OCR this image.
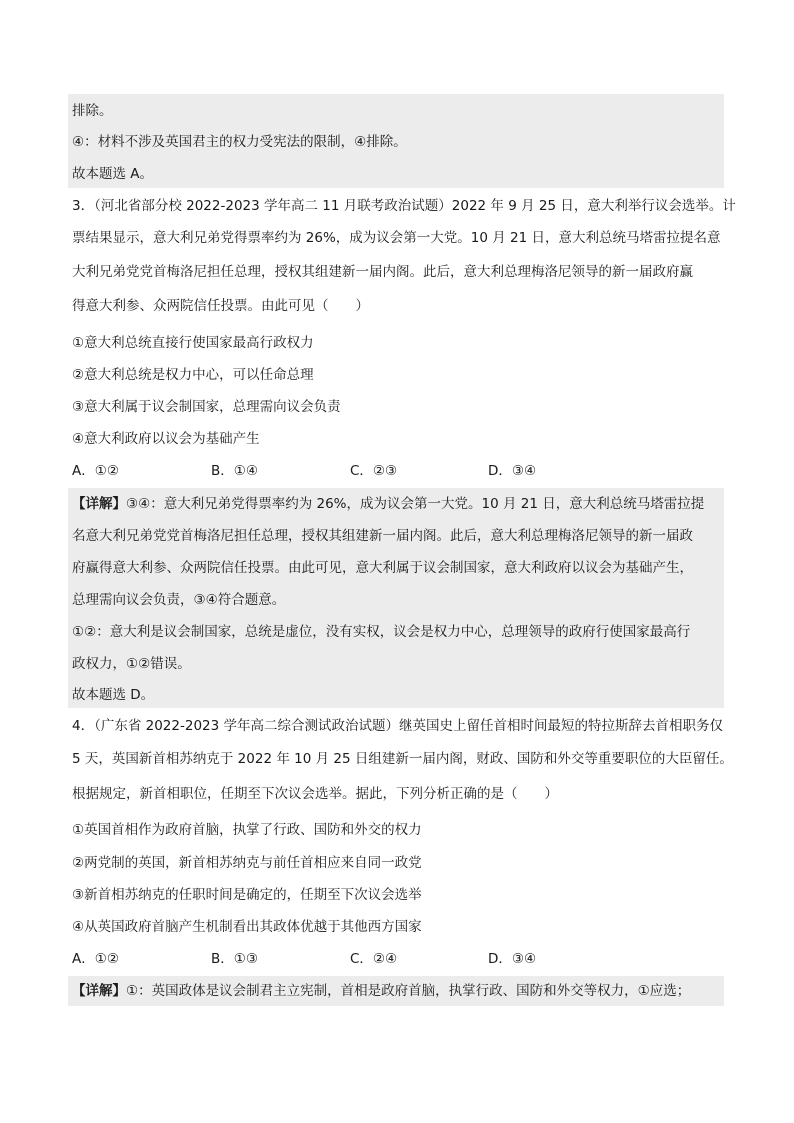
排除。
④：材料不涉及英国君主的权力受宪法的限制，④排除。
故本题选 A。
3．（河北省部分校 2022-2023 学年高二 11 月联考政治试题）2022 年 9 月 25 日，意大利举行议会选举。计
票结果显示，意大利兄弟党得票率约为 26%，成为议会第一大党。10 月 21 日，意大利总统马塔雷拉提名意
大利兄弟党党首梅洛尼担任总理，授权其组建新一届内阁。此后，意大利总理梅洛尼领导的新一届政府赢
得意大利参、众两院信任投票。由此可见（　　）
①意大利总统直接行使国家最高行政权力
②意大利总统是权力中心，可以任命总理
③意大利属于议会制国家，总理需向议会负责
④意大利政府以议会为基础产生
A．①②	B．①④	C．②③	D．③④
【详解】③④：意大利兄弟党得票率约为 26%，成为议会第一大党。10 月 21 日，意大利总统马塔雷拉提
名意大利兄弟党党首梅洛尼担任总理，授权其组建新一届内阁。此后，意大利总理梅洛尼领导的新一届政
府赢得意大利参、众两院信任投票。由此可见，意大利属于议会制国家，意大利政府以议会为基础产生，
总理需向议会负责，③④符合题意。
①②：意大利是议会制国家，总统是虚位，没有实权，议会是权力中心，总理领导的政府行使国家最高行
政权力，①②错误。
故本题选 D。
4．（广东省 2022-2023 学年高二综合测试政治试题）继英国史上留任首相时间最短的特拉斯辞去首相职务仅
5 天，英国新首相苏纳克于 2022 年 10 月 25 日组建新一届内阁，财政、国防和外交等重要职位的大臣留任。
根据规定，新首相职位，任期至下次议会选举。据此，下列分析正确的是（　　）
①英国首相作为政府首脑，执掌了行政、国防和外交的权力
②两党制的英国，新首相苏纳克与前任首相应来自同一政党
③新首相苏纳克的任职时间是确定的，任期至下次议会选举
④从英国政府首脑产生机制看出其政体优越于其他西方国家
A．①②	B．①③	C．②④	D．③④
【详解】①：英国政体是议会制君主立宪制，首相是政府首脑，执掌行政、国防和外交等权力，①应选；
